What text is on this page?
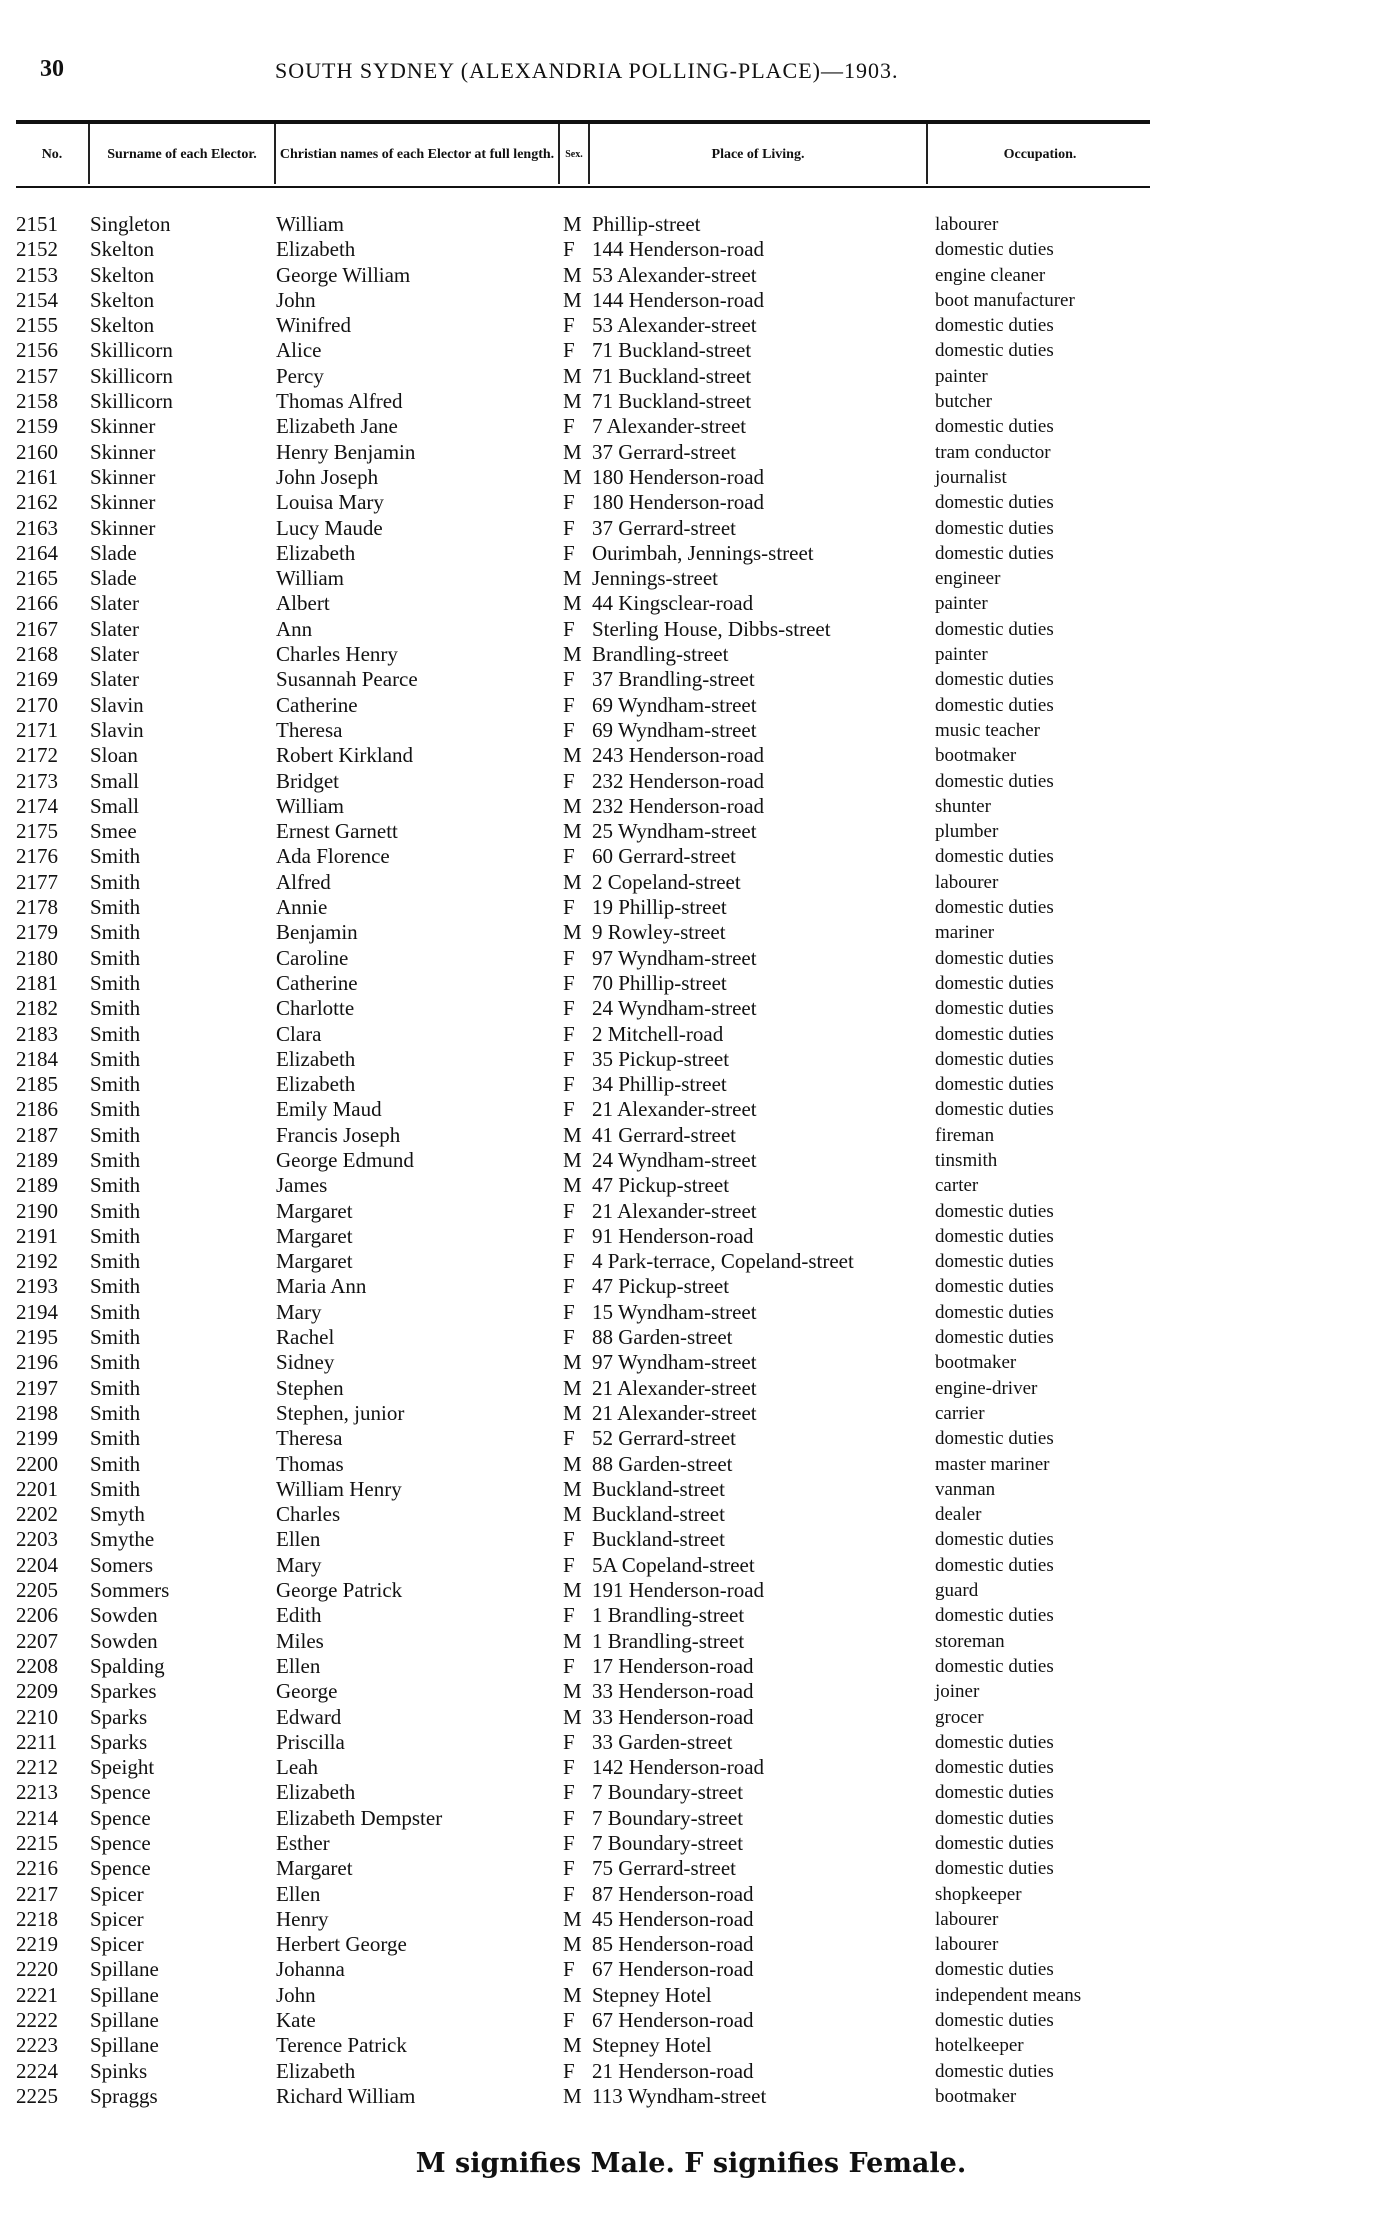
30	SOUTH SYDNEY (ALEXANDRIA POLLING-PLACE)—1903.
No.	Surname of each Elector.	Christian names of each Elector at full length.	Sex.	Place of Living.	Occupation.
2151	Singleton	William	M Phillip-street	labourer
2152	Skelton	Elizabeth	F 144 Henderson-road	domestic duties
2153	Skelton	George William	M 53 Alexander-street	engine cleaner
2154	Skelton	John	M 144 Henderson-road	boot manufacturer
2155	Skelton	Winifred	F 53 Alexander-street	domestic duties
2156	Skillicorn	Alice	F 71 Buckland-street	domestic duties
2157	Skillicorn	Percy	M 71 Buckland-street	painter
2158	Skillicorn	Thomas Alfred	M 71 Buckland-street	butcher
2159	Skinner	Elizabeth Jane	F 7 Alexander-street	domestic duties
2160	Skinner	Henry Benjamin	M 37 Gerrard-street	tram conductor
2161	Skinner	John Joseph	M 180 Henderson-road	journalist
2162	Skinner	Louisa Mary	F 180 Henderson-road	domestic duties
2163	Skinner	Lucy Maude	F 37 Gerrard-street	domestic duties
2164	Slade	Elizabeth	F Ourimbah, Jennings-street	domestic duties
2165	Slade	William	M Jennings-street	engineer
2166	Slater	Albert	M 44 Kingsclear-road	painter
2167	Slater	Ann	F Sterling House, Dibbs-street	domestic duties
2168	Slater	Charles Henry	M Brandling-street	painter
2169	Slater	Susannah Pearce	F 37 Brandling-street	domestic duties
2170	Slavin	Catherine	F 69 Wyndham-street	domestic duties
2171	Slavin	Theresa	F 69 Wyndham-street	music teacher
2172	Sloan	Robert Kirkland	M 243 Henderson-road	bootmaker
2173	Small	Bridget	F 232 Henderson-road	domestic duties
2174	Small	William	M 232 Henderson-road	shunter
2175	Smee	Ernest Garnett	M 25 Wyndham-street	plumber
2176	Smith	Ada Florence	F 60 Gerrard-street	domestic duties
2177	Smith	Alfred	M 2 Copeland-street	labourer
2178	Smith	Annie	F 19 Phillip-street	domestic duties
2179	Smith	Benjamin	M 9 Rowley-street	mariner
2180	Smith	Caroline	F 97 Wyndham-street	domestic duties
2181	Smith	Catherine	F 70 Phillip-street	domestic duties
2182	Smith	Charlotte	F 24 Wyndham-street	domestic duties
2183	Smith	Clara	F 2 Mitchell-road	domestic duties
2184	Smith	Elizabeth	F 35 Pickup-street	domestic duties
2185	Smith	Elizabeth	F 34 Phillip-street	domestic duties
2186	Smith	Emily Maud	F 21 Alexander-street	domestic duties
2187	Smith	Francis Joseph	M 41 Gerrard-street	fireman
2189	Smith	George Edmund	M 24 Wyndham-street	tinsmith
2189	Smith	James	M 47 Pickup-street	carter
2190	Smith	Margaret	F 21 Alexander-street	domestic duties
2191	Smith	Margaret	F 91 Henderson-road	domestic duties
2192	Smith	Margaret	F 4 Park-terrace, Copeland-street	domestic duties
2193	Smith	Maria Ann	F 47 Pickup-street	domestic duties
2194	Smith	Mary	F 15 Wyndham-street	domestic duties
2195	Smith	Rachel	F 88 Garden-street	domestic duties
2196	Smith	Sidney	M 97 Wyndham-street	bootmaker
2197	Smith	Stephen	M 21 Alexander-street	engine-driver
2198	Smith	Stephen, junior	M 21 Alexander-street	carrier
2199	Smith	Theresa	F 52 Gerrard-street	domestic duties
2200	Smith	Thomas	M 88 Garden-street	master mariner
2201	Smith	William Henry	M Buckland-street	vanman
2202	Smyth	Charles	M Buckland-street	dealer
2203	Smythe	Ellen	F Buckland-street	domestic duties
2204	Somers	Mary	F 5A Copeland-street	domestic duties
2205	Sommers	George Patrick	M 191 Henderson-road	guard
2206	Sowden	Edith	F 1 Brandling-street	domestic duties
2207	Sowden	Miles	M 1 Brandling-street	storeman
2208	Spalding	Ellen	F 17 Henderson-road	domestic duties
2209	Sparkes	George	M 33 Henderson-road	joiner
2210	Sparks	Edward	M 33 Henderson-road	grocer
2211	Sparks	Priscilla	F 33 Garden-street	domestic duties
2212	Speight	Leah	F 142 Henderson-road	domestic duties
2213	Spence	Elizabeth	F 7 Boundary-street	domestic duties
2214	Spence	Elizabeth Dempster	F 7 Boundary-street	domestic duties
2215	Spence	Esther	F 7 Boundary-street	domestic duties
2216	Spence	Margaret	F 75 Gerrard-street	domestic duties
2217	Spicer	Ellen	F 87 Henderson-road	shopkeeper
2218	Spicer	Henry	M 45 Henderson-road	labourer
2219	Spicer	Herbert George	M 85 Henderson-road	labourer
2220	Spillane	Johanna	F 67 Henderson-road	domestic duties
2221	Spillane	John	M Stepney Hotel	independent means
2222	Spillane	Kate	F 67 Henderson-road	domestic duties
2223	Spillane	Terence Patrick	M Stepney Hotel	hotelkeeper
2224	Spinks	Elizabeth	F 21 Henderson-road	domestic duties
2225	Spraggs	Richard William	M 113 Wyndham-street	bootmaker
M signifies Male. F signifies Female.
